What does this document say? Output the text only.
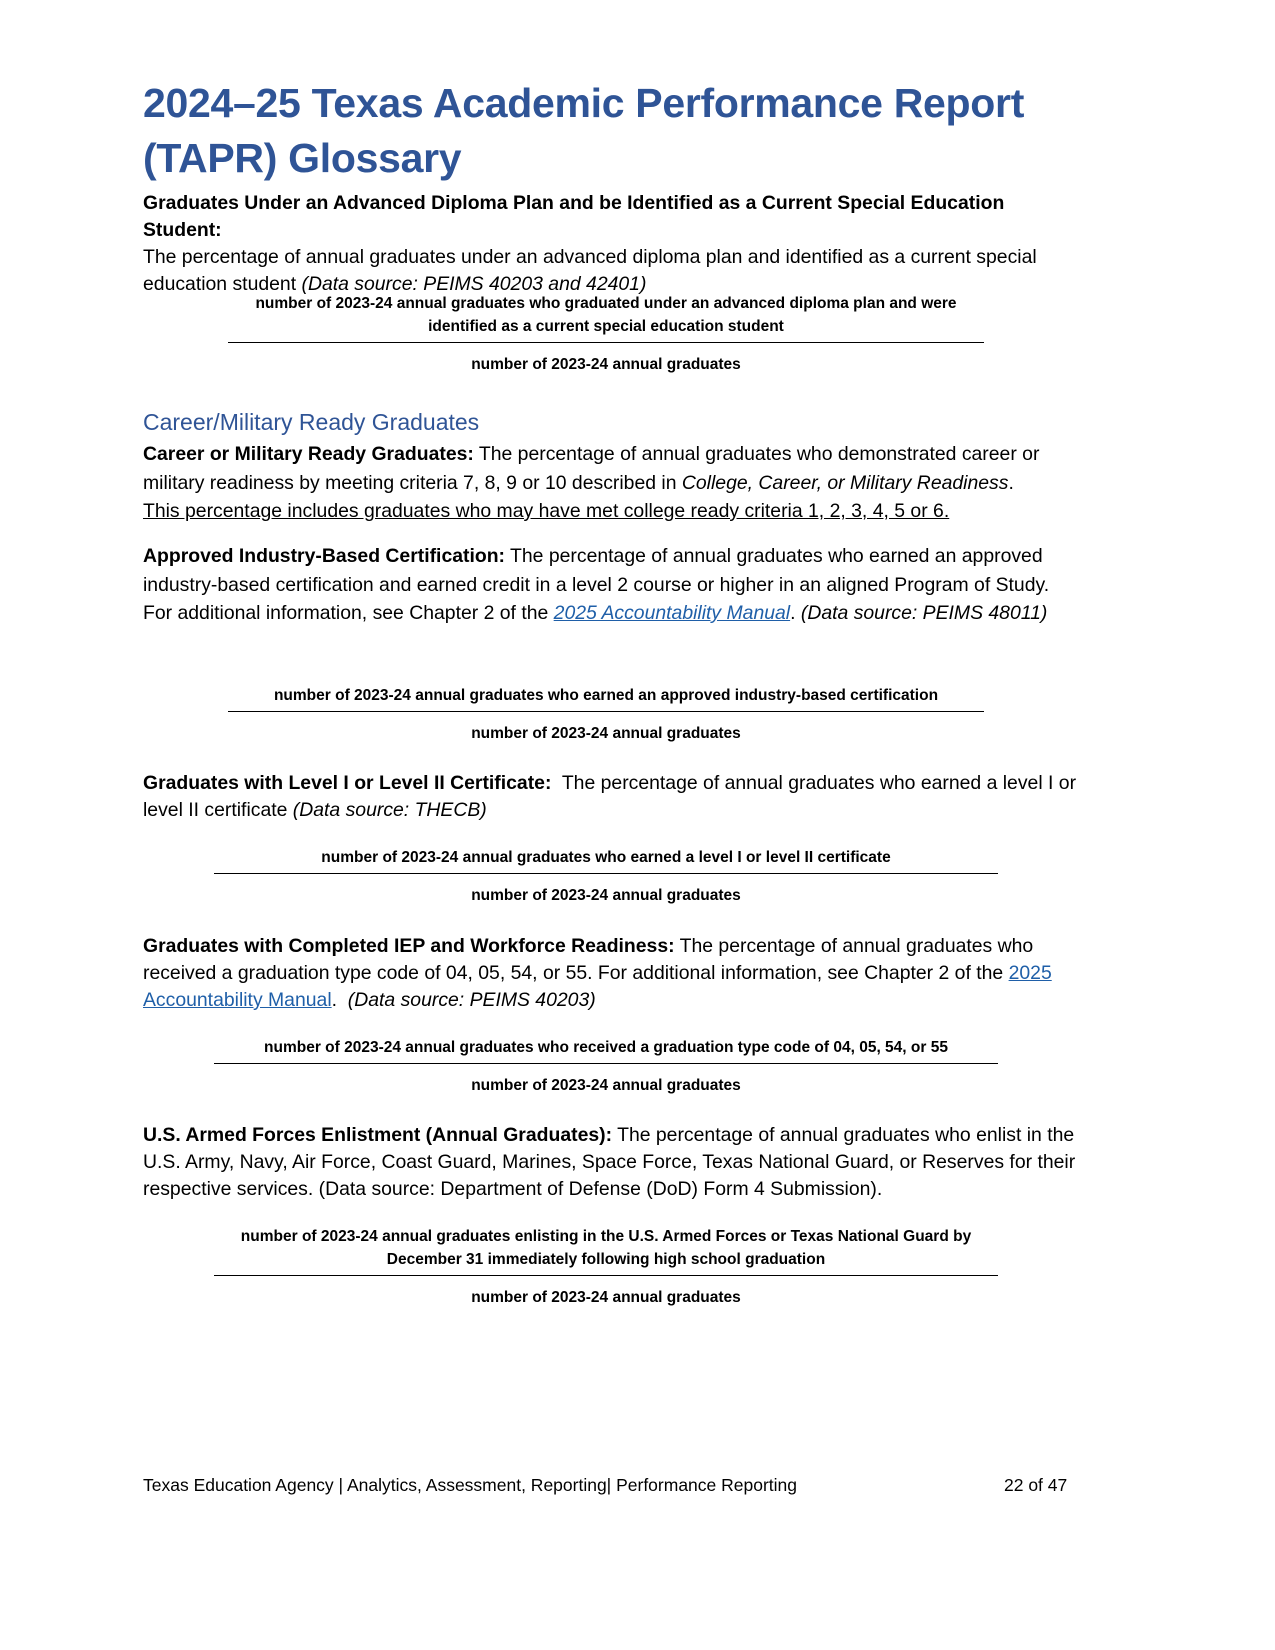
2024–25 Texas Academic Performance Report
(TAPR) Glossary
Graduates Under an Advanced Diploma Plan and be Identified as a Current Special Education Student:
The percentage of annual graduates under an advanced diploma plan and identified as a current special education student (Data source: PEIMS 40203 and 42401)
number of 2023-24 annual graduates who graduated under an advanced diploma plan and were
identified as a current special education student
number of 2023-24 annual graduates
Career/Military Ready Graduates
Career or Military Ready Graduates: The percentage of annual graduates who demonstrated career or military readiness by meeting criteria 7, 8, 9 or 10 described in College, Career, or Military Readiness.
This percentage includes graduates who may have met college ready criteria 1, 2, 3, 4, 5 or 6.
Approved Industry-Based Certification: The percentage of annual graduates who earned an approved industry-based certification and earned credit in a level 2 course or higher in an aligned Program of Study. For additional information, see Chapter 2 of the 2025 Accountability Manual. (Data source: PEIMS 48011)
number of 2023-24 annual graduates who earned an approved industry-based certification
number of 2023-24 annual graduates
Graduates with Level I or Level II Certificate:  The percentage of annual graduates who earned a level I or level II certificate (Data source: THECB)
number of 2023-24 annual graduates who earned a level I or level II certificate
number of 2023-24 annual graduates
Graduates with Completed IEP and Workforce Readiness: The percentage of annual graduates who received a graduation type code of 04, 05, 54, or 55. For additional information, see Chapter 2 of the 2025 Accountability Manual.  (Data source: PEIMS 40203)
number of 2023-24 annual graduates who received a graduation type code of 04, 05, 54, or 55
number of 2023-24 annual graduates
U.S. Armed Forces Enlistment (Annual Graduates): The percentage of annual graduates who enlist in the U.S. Army, Navy, Air Force, Coast Guard, Marines, Space Force, Texas National Guard, or Reserves for their respective services. (Data source: Department of Defense (DoD) Form 4 Submission).
number of 2023-24 annual graduates enlisting in the U.S. Armed Forces or Texas National Guard by
December 31 immediately following high school graduation
number of 2023-24 annual graduates
Texas Education Agency | Analytics, Assessment, Reporting| Performance Reporting	22 of 47
